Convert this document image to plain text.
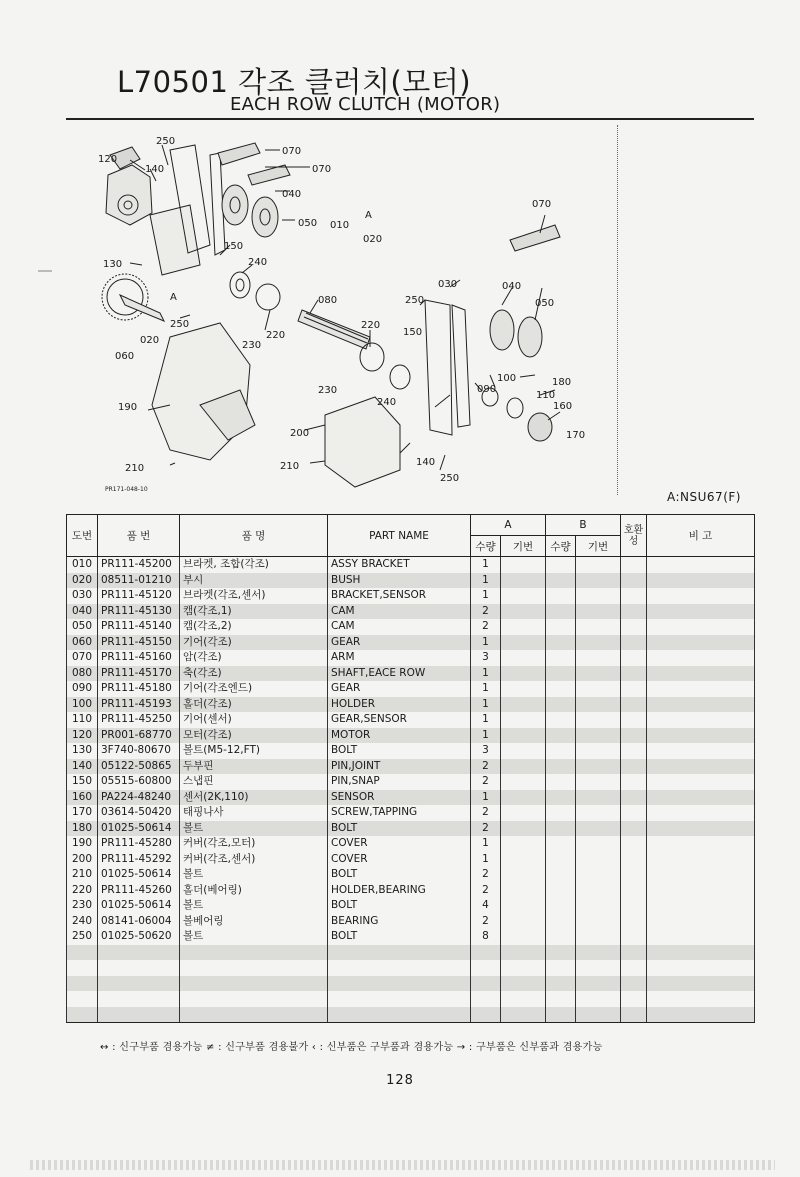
L70501 각조 클러치(모터)
EACH ROW CLUTCH (MOTOR)
120
250
140
070
070
040
050 010
A
020
130
150
240
A
250
080
220
230
020
060
220
250
150
030	040
050
070
230
240
100
090
180
110
160
170
190
200
210	140
250
210
PR171-048-10
A:NSU67(F)
도번	품 번	품 명	PART NAME	A		B		호환성	비 고
				수량	기번	수량	기번		
010	PR111-45200	브라켓, 조합(각조)	ASSY BRACKET	1					
020	08511-01210	부시	BUSH	1					
030	PR111-45120	브라켓(각조,센서)	BRACKET,SENSOR	1					
040	PR111-45130	캠(각조,1)	CAM	2					
050	PR111-45140	캠(각조,2)	CAM	2					
060	PR111-45150	기어(각조)	GEAR	1					
070	PR111-45160	암(각조)	ARM	3					
080	PR111-45170	축(각조)	SHAFT,EACE ROW	1					
090	PR111-45180	기어(각조엔드)	GEAR	1					
100	PR111-45193	홀더(각조)	HOLDER	1					
110	PR111-45250	기어(센서)	GEAR,SENSOR	1					
120	PR001-68770	모터(각조)	MOTOR	1					
130	3F740-80670	볼트(M5-12,FT)	BOLT	3					
140	05122-50865	두부핀	PIN,JOINT	2					
150	05515-60800	스냅핀	PIN,SNAP	2					
160	PA224-48240	센서(2K,110)	SENSOR	1					
170	03614-50420	태핑나사	SCREW,TAPPING	2					
180	01025-50614	볼트	BOLT	2					
190	PR111-45280	커버(각조,모터)	COVER	1					
200	PR111-45292	커버(각조,센서)	COVER	1					
210	01025-50614	볼트	BOLT	2					
220	PR111-45260	홀더(베어링)	HOLDER,BEARING	2					
230	01025-50614	볼트	BOLT	4					
240	08141-06004	볼베어링	BEARING	2					
250	01025-50620	볼트	BOLT	8					

↔ : 신구부품 겸용가능 ≠ : 신구부품 겸용불가 ‹ : 신부품은 구부품과 겸용가능 → : 구부품은 신부품과 겸용가능
128
